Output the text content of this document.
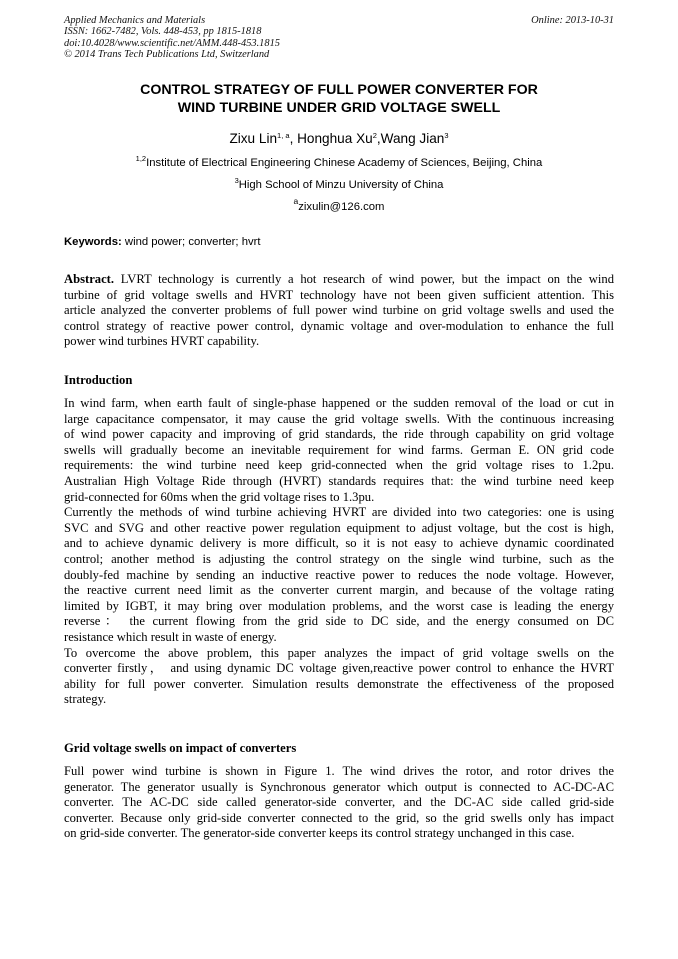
Applied Mechanics and Materials	Online: 2013-10-31
ISSN: 1662-7482, Vols. 448-453, pp 1815-1818
doi:10.4028/www.scientific.net/AMM.448-453.1815
© 2014 Trans Tech Publications Ltd, Switzerland
CONTROL STRATEGY OF FULL POWER CONVERTER FOR
WIND TURBINE UNDER GRID VOLTAGE SWELL
Zixu Lin$^{1, a}$, Honghua Xu$^2$,Wang Jian$^3$
$^{1,2}$Institute of Electrical Engineering Chinese Academy of Sciences, Beijing, China
$^3$High School of Minzu University of China
$^a$zixulin@126.com
Keywords: wind power; converter; hvrt
Abstract. LVRT technology is currently a hot research of wind power, but the impact on the wind
turbine of grid voltage swells and HVRT technology have not been given sufficient attention. This
article analyzed the converter problems of full power wind turbine on grid voltage swells and used the
control strategy of reactive power control, dynamic voltage and over-modulation to enhance the full
power wind turbines HVRT capability.
Introduction
In wind farm, when earth fault of single-phase happened or the sudden removal of the load or cut in
large capacitance compensator, it may cause the grid voltage swells. With the continuous increasing
of wind power capacity and improving of grid standards, the ride through capability on grid voltage
swells will gradually become an inevitable requirement for wind farms. German E. ON grid code
requirements: the wind turbine need keep grid-connected when the grid voltage rises to 1.2pu.
Australian High Voltage Ride through (HVRT) standards requires that: the wind turbine need keep
grid-connected for 60ms when the grid voltage rises to 1.3pu.
Currently the methods of wind turbine achieving HVRT are divided into two categories: one is using
SVC and SVG and other reactive power regulation equipment to adjust voltage, but the cost is high,
and to achieve dynamic delivery is more difficult, so it is not easy to achieve dynamic coordinated
control; another method is adjusting the control strategy on the single wind turbine, such as the
doubly-fed machine by sending an inductive reactive power to reduces the node voltage. However,
the reactive current need limit as the converter current margin, and because of the voltage rating
limited by IGBT, it may bring over modulation problems, and the worst case is leading the energy
reverse： the current flowing from the grid side to DC side, and the energy consumed on DC
resistance which result in waste of energy.
To overcome the above problem, this paper analyzes the impact of grid voltage swells on the
converter firstly， and using dynamic DC voltage given,reactive power control to enhance the HVRT
ability for full power converter. Simulation results demonstrate the effectiveness of the proposed
strategy.
Grid voltage swells on impact of converters
Full power wind turbine is shown in Figure 1. The wind drives the rotor, and rotor drives the
generator. The generator usually is Synchronous generator which output is connected to AC-DC-AC
converter. The AC-DC side called generator-side converter, and the DC-AC side called grid-side
converter. Because only grid-side converter connected to the grid, so the grid swells only has impact
on grid-side converter. The generator-side converter keeps its control strategy unchanged in this case.
